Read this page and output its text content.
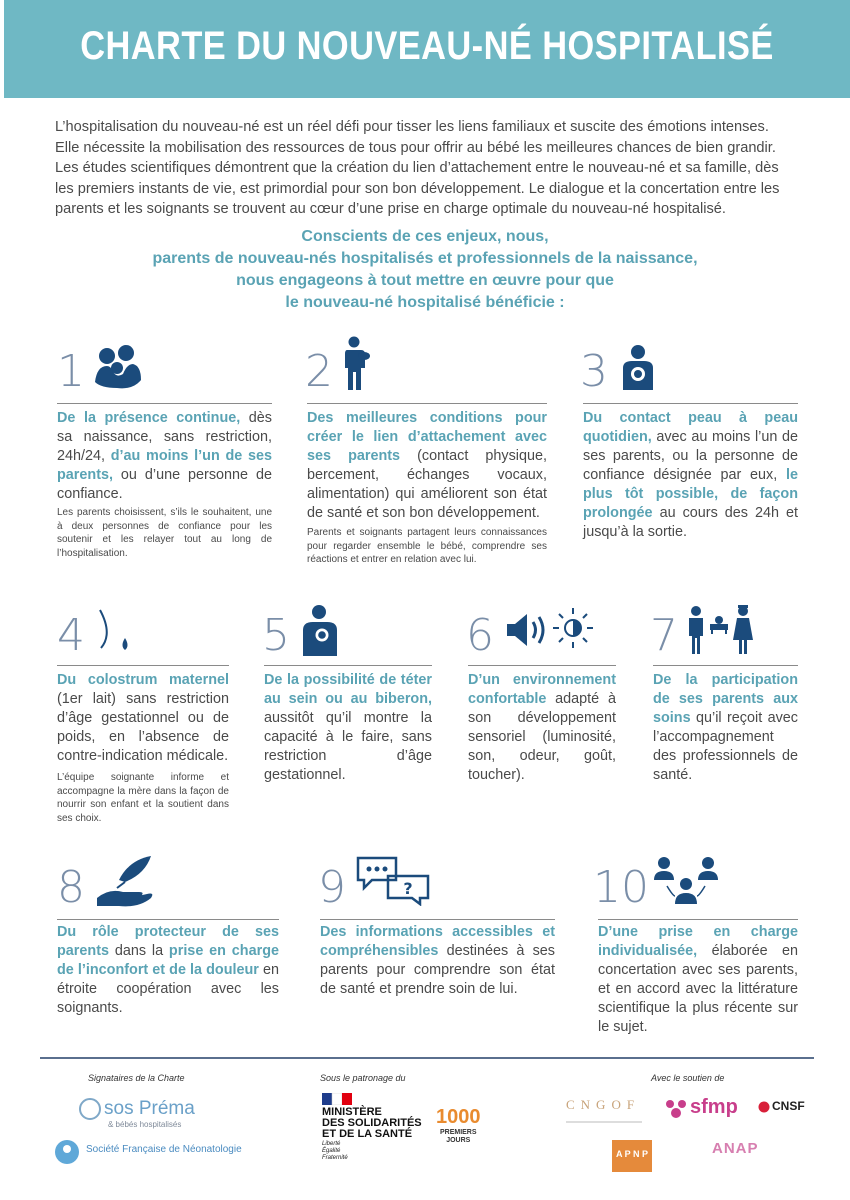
CHARTE DU NOUVEAU-NÉ HOSPITALISÉ
L’hospitalisation du nouveau-né est un réel défi pour tisser les liens familiaux et suscite des émotions intenses.
Elle nécessite la mobilisation des ressources de tous pour offrir au bébé les meilleures chances de bien grandir.
Les études scientifiques démontrent que la création du lien d’attachement entre le nouveau-né et sa famille, dès
les premiers instants de vie, est primordial pour son bon développement. Le dialogue et la concertation entre les
parents et les soignants se trouvent au cœur d’une prise en charge optimale du nouveau-né hospitalisé.
Conscients de ces enjeux, nous,
parents de nouveau-nés hospitalisés et professionnels de la naissance,
nous engageons à tout mettre en œuvre pour que
le nouveau-né hospitalisé bénéficie :
1
De la présence continue, dès sa naissance, sans restriction, 24h/24, d’au moins l’un de ses parents, ou d’une personne de confiance.
Les parents choisissent, s’ils le souhaitent, une à deux personnes de confiance pour les soutenir et les relayer tout au long de l’hospitalisation.
2
Des meilleures conditions pour créer le lien d’attachement avec ses parents (contact physique, bercement, échanges vocaux, alimentation) qui améliorent son état de santé et son bon développement.
Parents et soignants partagent leurs connaissances pour regarder ensemble le bébé, comprendre ses réactions et entrer en relation avec lui.
3
Du contact peau à peau quotidien, avec au moins l’un de ses parents, ou la personne de confiance désignée par eux, le plus tôt possible, de façon prolongée au cours des 24h et jusqu’à la sortie.
4
Du colostrum maternel (1er lait) sans restriction d’âge gestationnel ou de poids, en l’absence de contre-indication médicale.
L’équipe soignante informe et accompagne la mère dans la façon de nourrir son enfant et la soutient dans ses choix.
5
De la possibilité de téter au sein ou au biberon, aussitôt qu’il montre la capacité à le faire, sans restriction d’âge gestationnel.
6
D’un environnement confortable adapté à son développement sensoriel (luminosité, son, odeur, goût, toucher).
7
De la participation de ses parents aux soins qu’il reçoit avec l’accompagnement des professionnels de santé.
8
Du rôle protecteur de ses parents dans la prise en charge de l’inconfort et de la douleur en étroite coopération avec les soignants.
9	?
Des informations accessibles et compréhensibles destinées à ses parents pour comprendre son état de santé et prendre soin de lui.
10
D’une prise en charge individualisée, élaborée en concertation avec ses parents, et en accord avec la littérature scientifique la plus récente sur le sujet.
Signataires de la Charte	Sous le patronage du	Avec le soutien de
sos Préma
& bébés hospitalisés
Société Française de Néonatologie
MINISTÈRE
DES SOLIDARITÉS
ET DE LA SANTÉ
Liberté
Égalité
Fraternité
1000
PREMIERS
JOURS
CNGOF sfmp	CNSF
A P N P	ANAP
